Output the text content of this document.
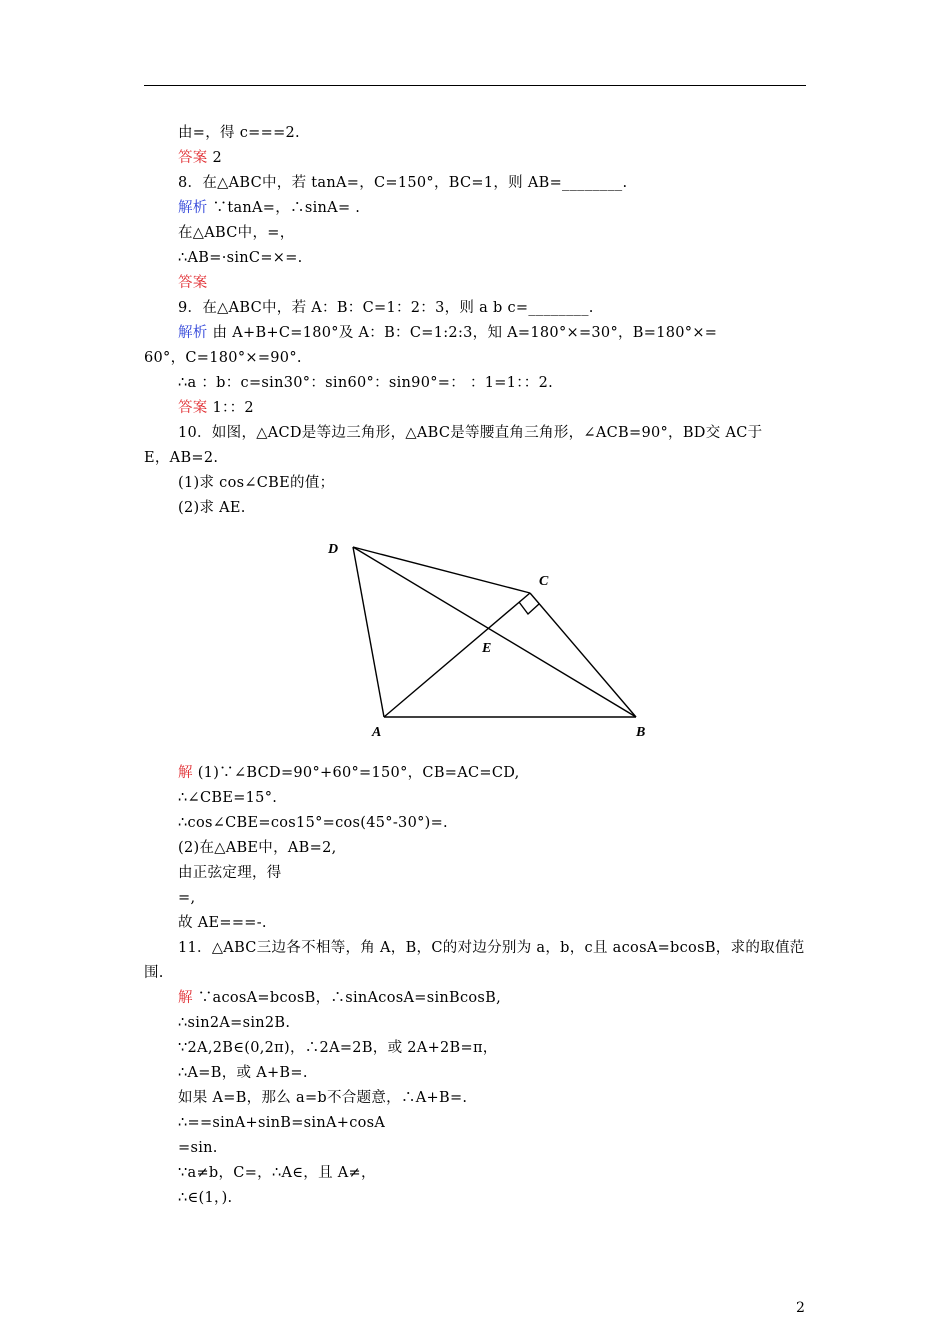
由=，得 c===2.
答案 2
8．在△ABC中，若 tanA=，C=150°，BC=1，则 AB=________.
解析 ∵tanA=，∴sinA= .
在△ABC中，=，
∴AB=·sinC=×=.
答案
9．在△ABC中，若 A：B：C=1：2：3，则 a b c=________.
解析 由 A+B+C=180°及 A：B：C=1:2:3，知 A=180°×=30°，B=180°×=
60°，C=180°×=90°.
∴a ：b：c=sin30°：sin60°：sin90°=： ：1=1：：2.
答案 1：：2
10．如图，△ACD是等边三角形，△ABC是等腰直角三角形，∠ACB=90°，BD交 AC于
E，AB=2.
(1)求 cos∠CBE的值；
(2)求 AE.
解 (1)∵∠BCD=90°+60°=150°，CB=AC=CD,
∴∠CBE=15°.
∴cos∠CBE=cos15°=cos(45°-30°)=.
(2)在△ABE中，AB=2,
由正弦定理，得
=,
故 AE===-.
11．△ABC三边各不相等，角 A，B，C的对边分别为 a，b，c且 acosA=bcosB，求的取值范
围.
解 ∵acosA=bcosB，∴sinAcosA=sinBcosB,
∴sin2A=sin2B.
∵2A,2B∈(0,2π)，∴2A=2B，或 2A+2B=π，
∴A=B，或 A+B=.
如果 A=B，那么 a=b不合题意，∴A+B=.
∴==sinA+sinB=sinA+cosA
=sin.
∵a≠b，C=，∴A∈，且 A≠，
∴∈(1，).
D
C
E
A	B
2
